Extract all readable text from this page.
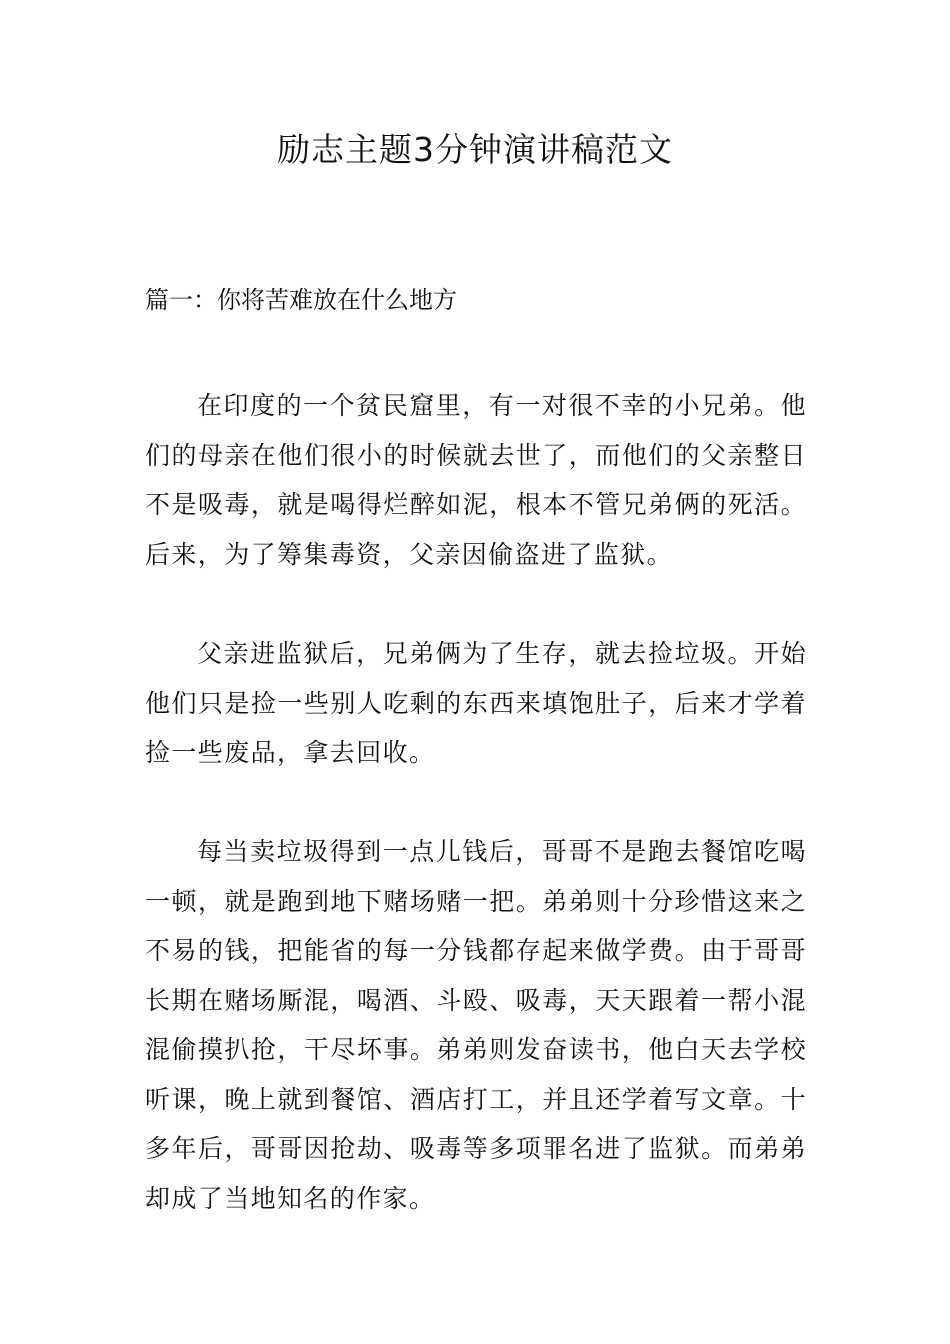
励志主题3分钟演讲稿范文

篇一：你将苦难放在什么地方

在印度的一个贫民窟里，有一对很不幸的小兄弟。他们的母亲在他们很小的时候就去世了，而他们的父亲整日不是吸毒，就是喝得烂醉如泥，根本不管兄弟俩的死活。后来，为了筹集毒资，父亲因偷盗进了监狱。

父亲进监狱后，兄弟俩为了生存，就去捡垃圾。开始他们只是捡一些别人吃剩的东西来填饱肚子，后来才学着捡一些废品，拿去回收。

每当卖垃圾得到一点儿钱后，哥哥不是跑去餐馆吃喝一顿，就是跑到地下赌场赌一把。弟弟则十分珍惜这来之不易的钱，把能省的每一分钱都存起来做学费。由于哥哥长期在赌场厮混，喝酒、斗殴、吸毒，天天跟着一帮小混混偷摸扒抢，干尽坏事。弟弟则发奋读书，他白天去学校听课，晚上就到餐馆、酒店打工，并且还学着写文章。十多年后，哥哥因抢劫、吸毒等多项罪名进了监狱。而弟弟却成了当地知名的作家。
